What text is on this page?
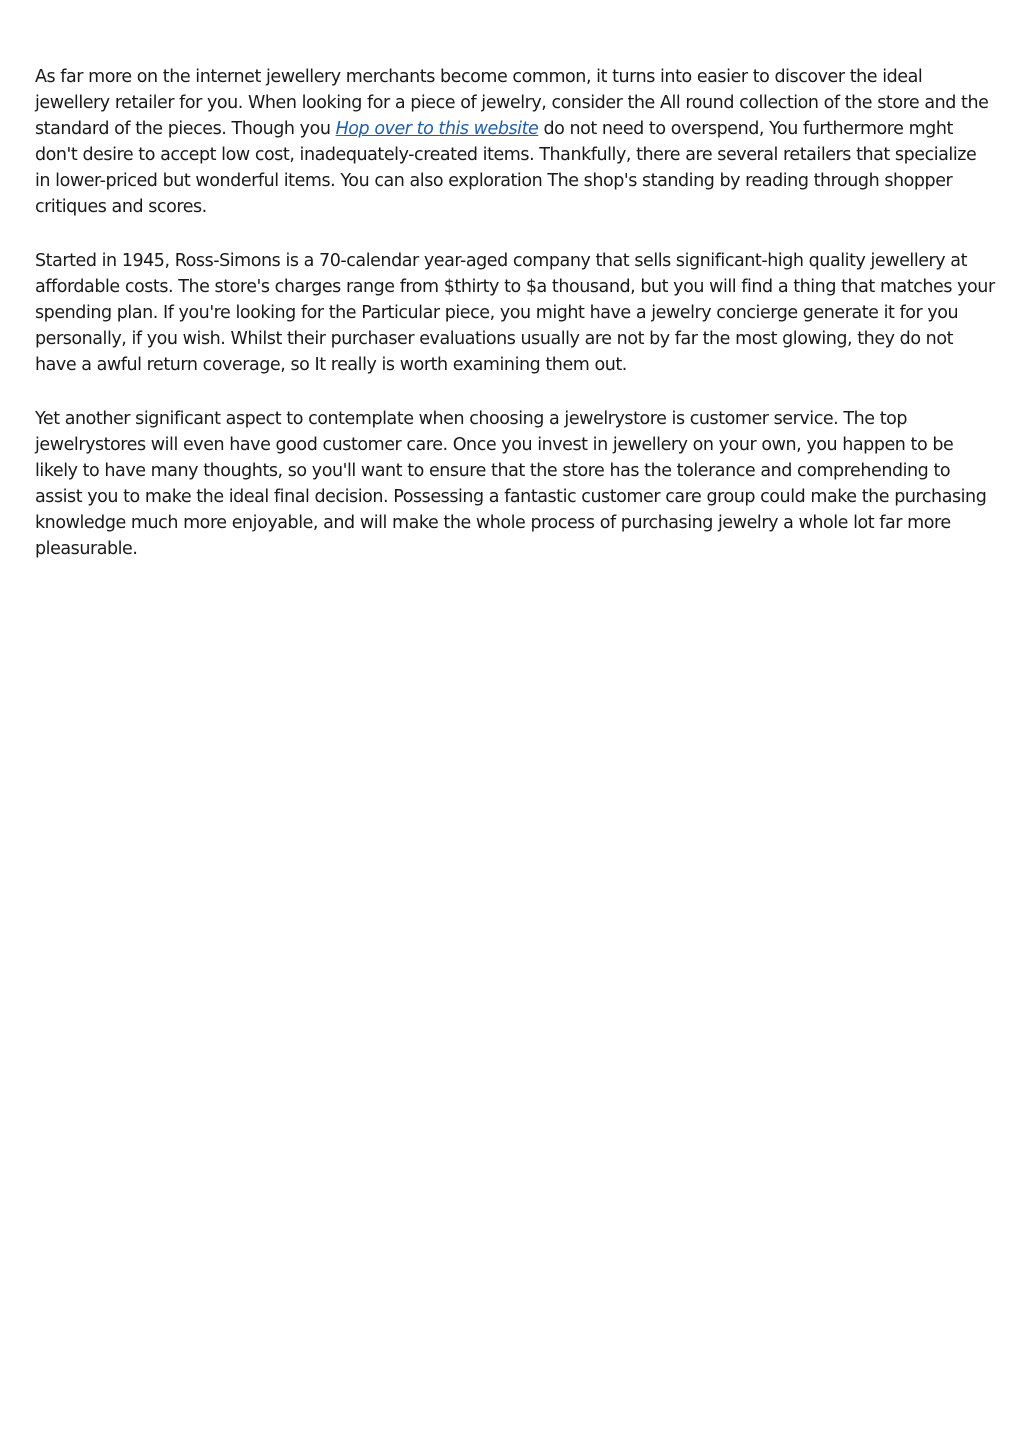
As far more on the internet jewellery merchants become common, it turns into easier to discover the ideal jewellery retailer for you. When looking for a piece of jewelry, consider the All round collection of the store and the standard of the pieces. Though you Hop over to this website do not need to overspend, You furthermore mght don't desire to accept low cost, inadequately-created items. Thankfully, there are several retailers that specialize in lower-priced but wonderful items. You can also exploration The shop's standing by reading through shopper critiques and scores.

Started in 1945, Ross-Simons is a 70-calendar year-aged company that sells significant-high quality jewellery at affordable costs. The store's charges range from $thirty to $a thousand, but you will find a thing that matches your spending plan. If you're looking for the Particular piece, you might have a jewelry concierge generate it for you personally, if you wish. Whilst their purchaser evaluations usually are not by far the most glowing, they do not have a awful return coverage, so It really is worth examining them out.

Yet another significant aspect to contemplate when choosing a jewelrystore is customer service. The top jewelrystores will even have good customer care. Once you invest in jewellery on your own, you happen to be likely to have many thoughts, so you'll want to ensure that the store has the tolerance and comprehending to assist you to make the ideal final decision. Possessing a fantastic customer care group could make the purchasing knowledge much more enjoyable, and will make the whole process of purchasing jewelry a whole lot far more pleasurable.
